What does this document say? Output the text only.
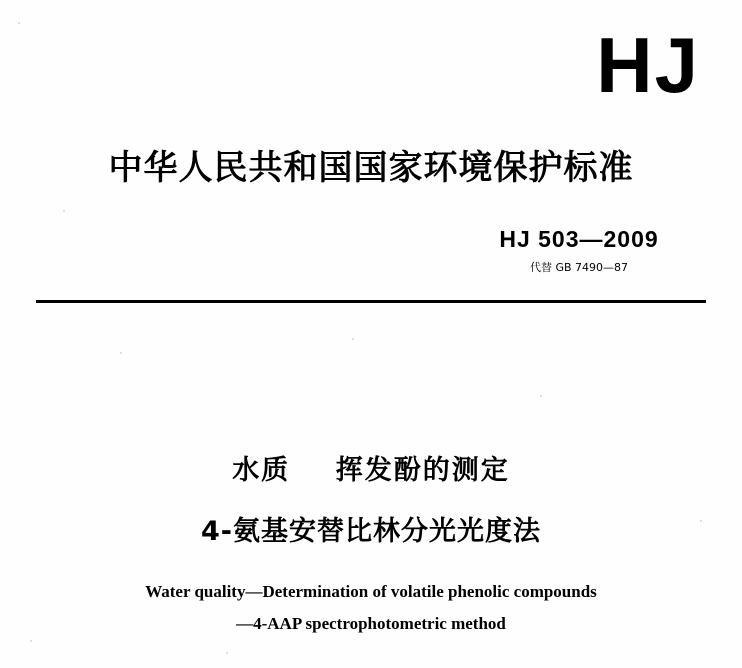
HJ
中华人民共和国国家环境保护标准
HJ 503—2009
代替 GB 7490—87
水质    挥发酚的测定
4-氨基安替比林分光光度法
Water quality—Determination of volatile phenolic compounds
—4-AAP spectrophotometric method
